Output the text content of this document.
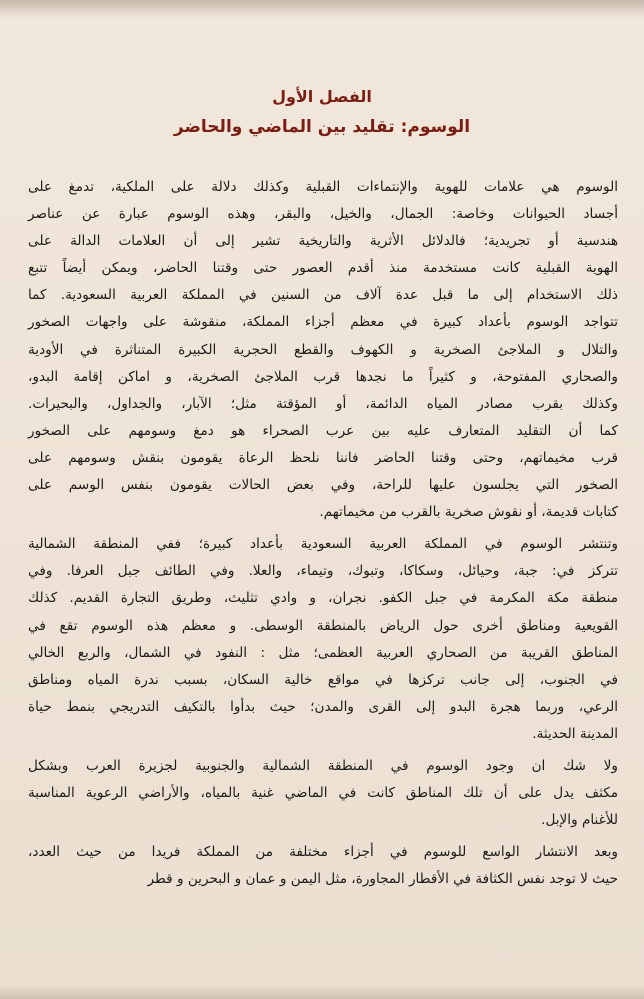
الفصل الأول
الوسوم: تقليد بين الماضي والحاضر
الوسوم هي علامات للهوية والإنتماءات القبلية وكذلك دلالة على الملكية، تدمغ على
أجساد الحيوانات وخاصة: الجمال، والخيل، والبقر، وهذه الوسوم عبارة عن عناصر
هندسية أو تجريدية؛ فالدلائل الأثرية والتاريخية تشير إلى أن العلامات الدالة على
الهوية القبلية كانت مستخدمة منذ أقدم العصور حتى وقتنا الحاضر، ويمكن أيضاً تتبع
ذلك الاستخدام إلى ما قبل عدة آلاف من السنين في المملكة العربية السعودية. كما
تتواجد الوسوم بأعداد كبيرة في معظم أجزاء المملكة، منقوشة على واجهات الصخور
والتلال و الملاجئ الصخرية و الكهوف والقطع الحجرية الكبيرة المتناثرة في الأودية
والصحاري المفتوحة، و كثيراً ما نجدها قرب الملاجئ الصخرية، و اماكن إقامة البدو،
وكذلك بقرب مصادر المياه الدائمة، أو المؤقتة مثل؛ الآبار، والجداول، والبحيرات.
كما أن التقليد المتعارف عليه بين عرب الصحراء هو دمغ وسومهم على الصخور
قرب مخيماتهم، وحتى وقتنا الحاضر فاننا نلحظ الرعاة يقومون بنقش وسومهم على
الصخور التي يجلسون عليها للراحة، وفي بعض الحالات يقومون بنفس الوسم على
كتابات قديمة، أو نقوش صخرية بالقرب من مخيماتهم.
وتنتشر الوسوم في المملكة العربية السعودية بأعداد كبيرة؛ ففي المنطقة الشمالية
تتركز في: جبة، وحيائل، وسكاكا، وتبوك، وتيماء، والعلا. وفي الطائف جبل العرفا. وفي
منطقة مكة المكرمة في جبل الكفو. نجران، و وادي تثليث، وطريق التجارة القديم. كذلك
القويعية ومناطق أخرى حول الرياض بالمنطقة الوسطى. و معظم هذه الوسوم تقع في
المناطق القريبة من الصحاري العربية العظمى؛ مثل : النفود في الشمال، والربع الخالي
في الجنوب، إلى جانب تركزها في مواقع خالية السكان، بسبب ندرة المياه ومناطق
الرعي، وربما هجرة البدو إلى القرى والمدن؛ حيث بدأوا بالتكيف التدريجي بنمط حياة
المدينة الحديثة.
ولا شك ان وجود الوسوم في المنطقة الشمالية والجنوبية لجزيرة العرب وبشكل
مكثف يدل على أن تلك المناطق كانت في الماضي غنية بالمياه، والأراضي الرعوية المناسبة
للأغنام والإبل.
وبعد الانتشار الواسع للوسوم في أجزاء مختلفة من المملكة فريدا من حيث العدد،
حيث لا توجد نفس الكثافة في الأقطار المجاورة، مثل اليمن و عمان و البحرين و قطر
